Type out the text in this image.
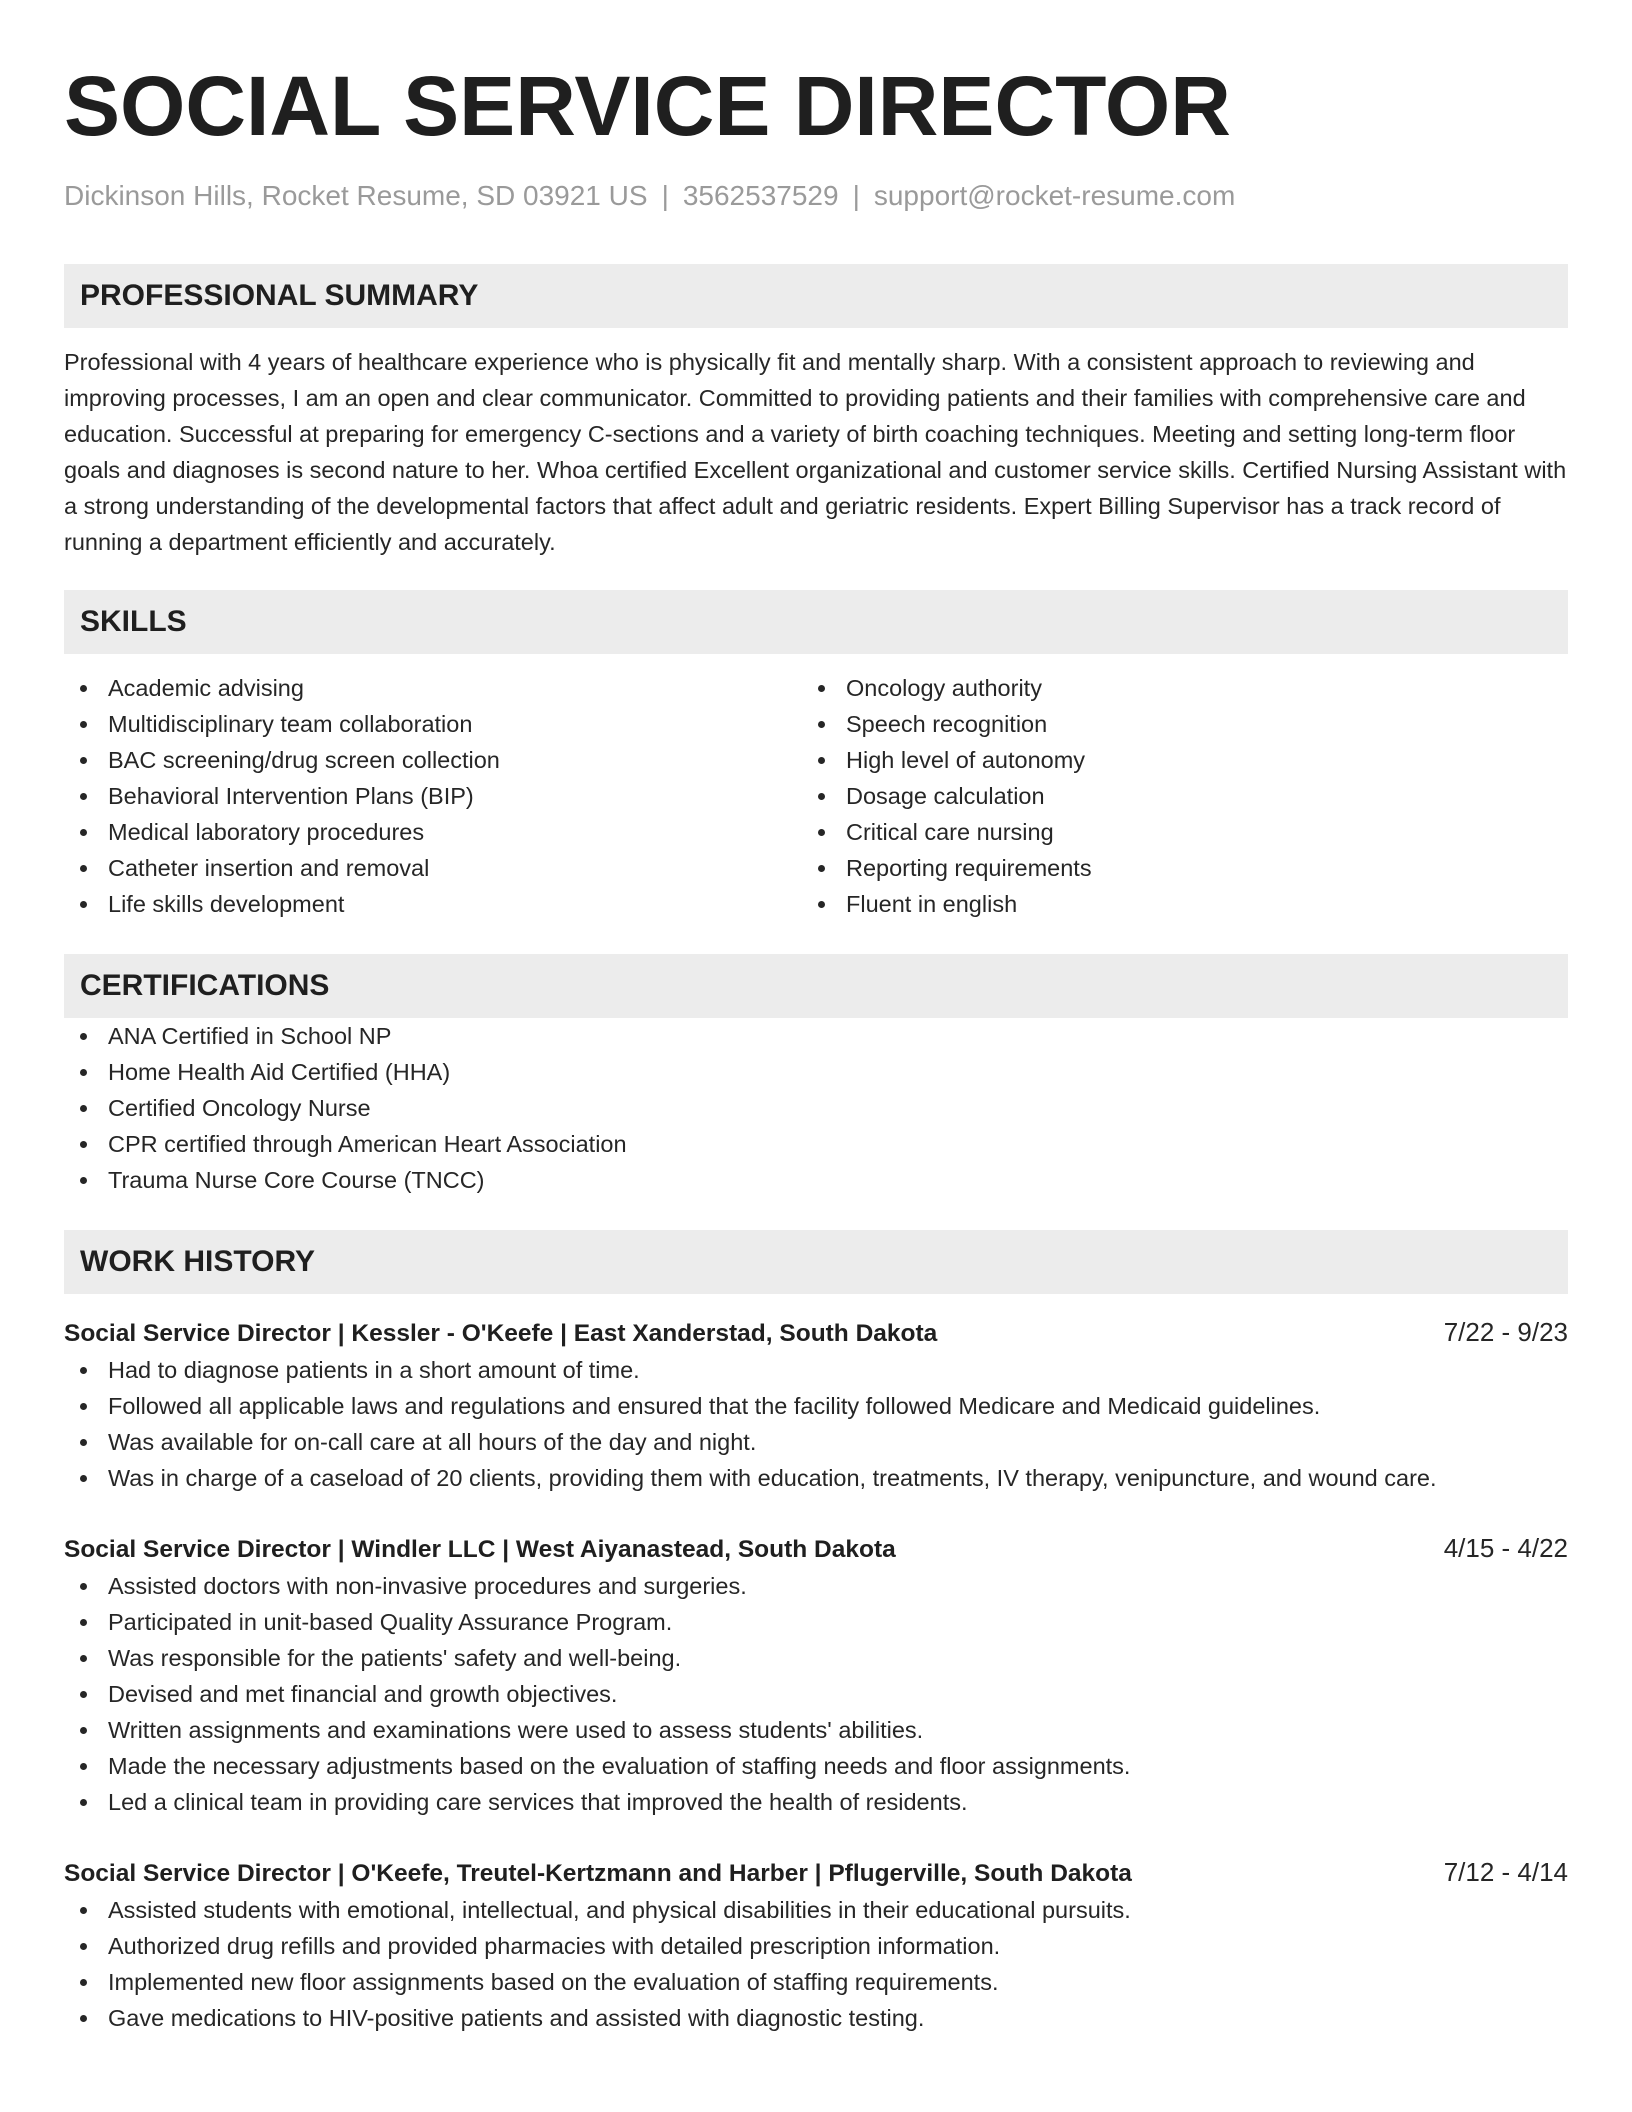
SOCIAL SERVICE DIRECTOR
Dickinson Hills, Rocket Resume, SD 03921 US | 3562537529 | support@rocket-resume.com
PROFESSIONAL SUMMARY

Professional with 4 years of healthcare experience who is physically fit and mentally sharp. With a consistent approach to reviewing and improving processes, I am an open and clear communicator. Committed to providing patients and their families with comprehensive care and education. Successful at preparing for emergency C-sections and a variety of birth coaching techniques. Meeting and setting long-term floor goals and diagnoses is second nature to her. Whoa certified Excellent organizational and customer service skills. Certified Nursing Assistant with a strong understanding of the developmental factors that affect adult and geriatric residents. Expert Billing Supervisor has a track record of running a department efficiently and accurately.

SKILLS
Academic advising
Multidisciplinary team collaboration
BAC screening/drug screen collection
Behavioral Intervention Plans (BIP)
Medical laboratory procedures
Catheter insertion and removal
Life skills development
Oncology authority
Speech recognition
High level of autonomy
Dosage calculation
Critical care nursing
Reporting requirements
Fluent in english
CERTIFICATIONS
ANA Certified in School NP
Home Health Aid Certified (HHA)
Certified Oncology Nurse
CPR certified through American Heart Association
Trauma Nurse Core Course (TNCC)
WORK HISTORY
Social Service Director | Kessler - O'Keefe | East Xanderstad, South Dakota	7/22 - 9/23
Had to diagnose patients in a short amount of time.
Followed all applicable laws and regulations and ensured that the facility followed Medicare and Medicaid guidelines.
Was available for on-call care at all hours of the day and night.
Was in charge of a caseload of 20 clients, providing them with education, treatments, IV therapy, venipuncture, and wound care.
Social Service Director | Windler LLC | West Aiyanastead, South Dakota	4/15 - 4/22
Assisted doctors with non-invasive procedures and surgeries.
Participated in unit-based Quality Assurance Program.
Was responsible for the patients' safety and well-being.
Devised and met financial and growth objectives.
Written assignments and examinations were used to assess students' abilities.
Made the necessary adjustments based on the evaluation of staffing needs and floor assignments.
Led a clinical team in providing care services that improved the health of residents.
Social Service Director | O'Keefe, Treutel-Kertzmann and Harber | Pflugerville, South Dakota	7/12 - 4/14
Assisted students with emotional, intellectual, and physical disabilities in their educational pursuits.
Authorized drug refills and provided pharmacies with detailed prescription information.
Implemented new floor assignments based on the evaluation of staffing requirements.
Gave medications to HIV-positive patients and assisted with diagnostic testing.
